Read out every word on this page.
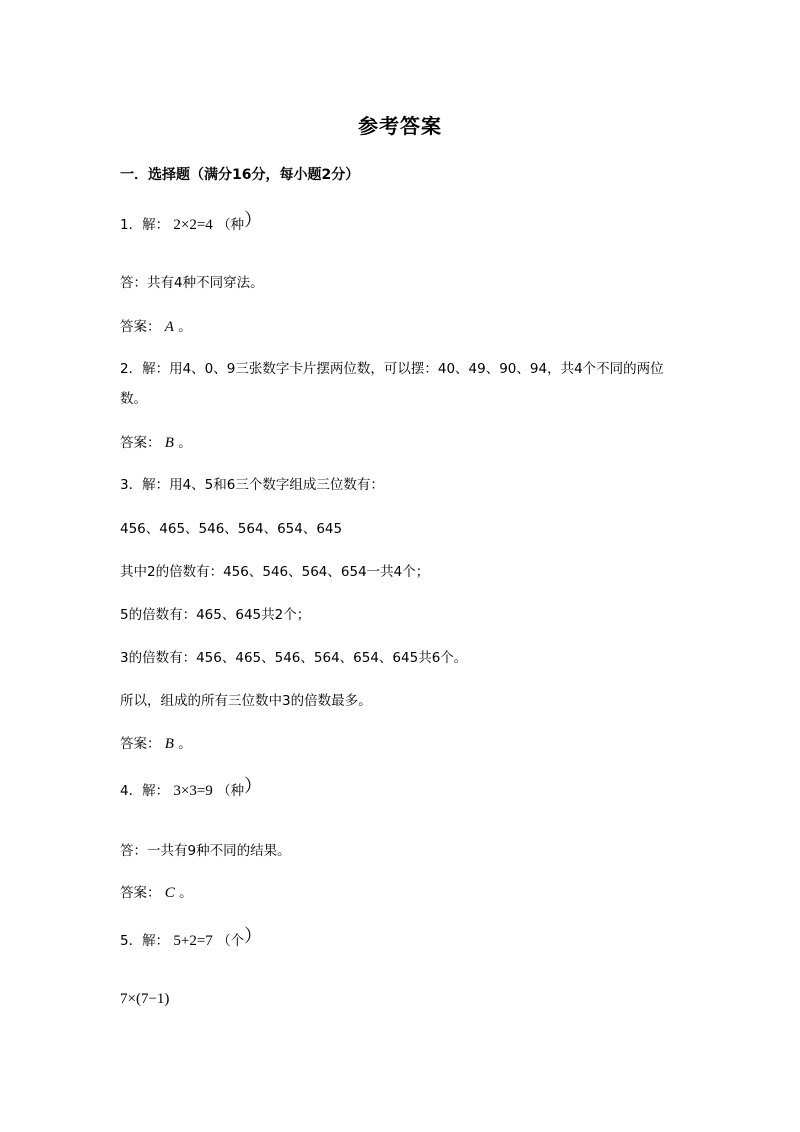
参考答案
一．选择题（满分16分，每小题2分）
1．解： 2×2=4 （种）
答：共有4种不同穿法。
答案： A 。
2．解：用4、0、9三张数字卡片摆两位数，可以摆：40、49、90、94，共4个不同的两位
数。
答案： B 。
3．解：用4、5和6三个数字组成三位数有：
456、465、546、564、654、645
其中2的倍数有：456、546、564、654一共4个；
5的倍数有：465、645共2个；
3的倍数有：456、465、546、564、654、645共6个。
所以，组成的所有三位数中3的倍数最多。
答案： B 。
4．解： 3×3=9 （种）
答：一共有9种不同的结果。
答案： C 。
5．解： 5+2=7 （个）
7×(7−1)
